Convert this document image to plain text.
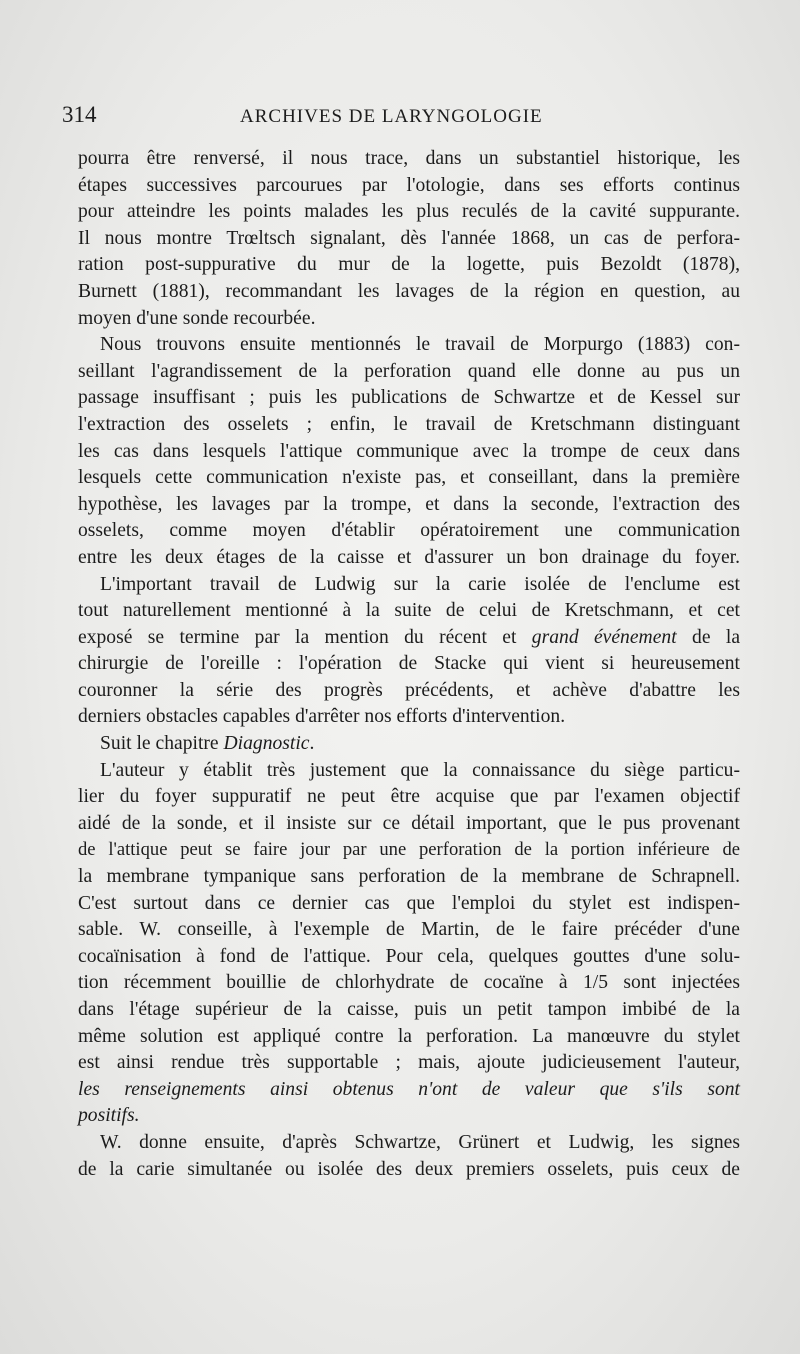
314	ARCHIVES DE LARYNGOLOGIE
pourra être renversé, il nous trace, dans un substantiel historique, les
étapes successives parcourues par l'otologie, dans ses efforts continus
pour atteindre les points malades les plus reculés de la cavité suppurante.
Il nous montre Trœltsch signalant, dès l'année 1868, un cas de perfora-
ration post-suppurative du mur de la logette, puis Bezoldt (1878),
Burnett (1881), recommandant les lavages de la région en question, au
moyen d'une sonde recourbée.
Nous trouvons ensuite mentionnés le travail de Morpurgo (1883) con-
seillant l'agrandissement de la perforation quand elle donne au pus un
passage insuffisant ; puis les publications de Schwartze et de Kessel sur
l'extraction des osselets ; enfin, le travail de Kretschmann distinguant
les cas dans lesquels l'attique communique avec la trompe de ceux dans
lesquels cette communication n'existe pas, et conseillant, dans la première
hypothèse, les lavages par la trompe, et dans la seconde, l'extraction des
osselets, comme moyen d'établir opératoirement une communication
entre les deux étages de la caisse et d'assurer un bon drainage du foyer.
L'important travail de Ludwig sur la carie isolée de l'enclume est
tout naturellement mentionné à la suite de celui de Kretschmann, et cet
exposé se termine par la mention du récent et grand événement de la
chirurgie de l'oreille : l'opération de Stacke qui vient si heureusement
couronner la série des progrès précédents, et achève d'abattre les
derniers obstacles capables d'arrêter nos efforts d'intervention.
Suit le chapitre Diagnostic.
L'auteur y établit très justement que la connaissance du siège particu-
lier du foyer suppuratif ne peut être acquise que par l'examen objectif
aidé de la sonde, et il insiste sur ce détail important, que le pus provenant
de l'attique peut se faire jour par une perforation de la portion inférieure de
la membrane tympanique sans perforation de la membrane de Schrapnell.
C'est surtout dans ce dernier cas que l'emploi du stylet est indispen-
sable. W. conseille, à l'exemple de Martin, de le faire précéder d'une
cocaïnisation à fond de l'attique. Pour cela, quelques gouttes d'une solu-
tion récemment bouillie de chlorhydrate de cocaïne à 1/5 sont injectées
dans l'étage supérieur de la caisse, puis un petit tampon imbibé de la
même solution est appliqué contre la perforation. La manœuvre du stylet
est ainsi rendue très supportable ; mais, ajoute judicieusement l'auteur,
les renseignements ainsi obtenus n'ont de valeur que s'ils sont
positifs.
W. donne ensuite, d'après Schwartze, Grünert et Ludwig, les signes
de la carie simultanée ou isolée des deux premiers osselets, puis ceux de
